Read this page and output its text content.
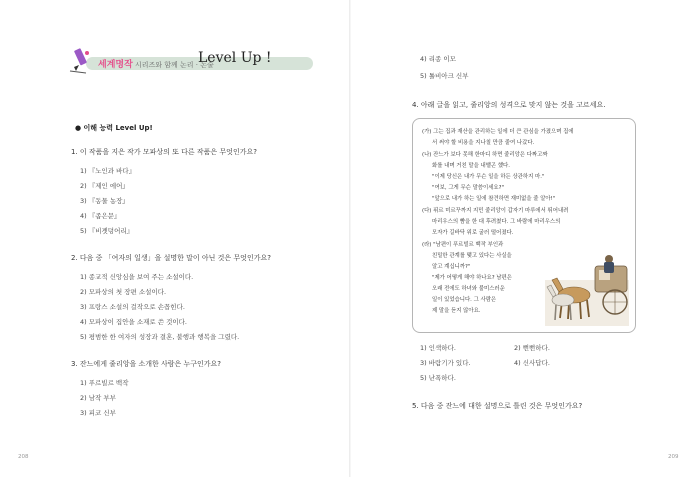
세계명작 시리즈와 함께 논리 · 논술
Level Up !
● 이해 능력 Level Up!
1. 이 작품을 지은 작가 모파상의 또 다른 작품은 무엇인가요?
1) 『노인과 바다』
2) 『제인 에어』
3) 『동물 농장』
4) 『좁은문』
5) 『비곗덩어리』
2. 다음 중 「여자의 일생」을 설명한 말이 아닌 것은 무엇인가요?
1) 종교적 신앙심을 보여 주는 소설이다.
2) 모파상의 첫 장편 소설이다.
3) 프랑스 소설의 걸작으로 손꼽힌다.
4) 모파상이 집안을 소재로 쓴 것이다.
5) 평범한 한 여자의 성장과 결혼, 불행과 행복을 그렸다.
3. 잔느에게 줄리앙을 소개한 사람은 누구인가요?
1) 푸르빌르 백작
2) 남작 부부
3) 피코 신부
208
4) 리종 이모
5) 톨비아크 신부
4. 아래 글을 읽고, 줄리앙의 성격으로 맞지 않는 것을 고르세요.
(가) 그는 집과 재산을 관리하는 일에 더 큰 관심을 가졌으며 집에
서 써야 할 비용을 지나칠 만큼 줄여 나갔다.
(나) 잔느가 보다 못해 한마디 하면 줄리앙은 다짜고짜
화를 내며 거친 말을 내뱉곤 했다.
"이제 당신은 내가 무슨 일을 하든 상관하지 마."
"여보, 그게 무슨 말씀이세요?"
"앞으로 내가 하는 일에 참견하면 재미없을 줄 알아!"
(다) 퓌르 미르꾸까지 지민 줄리앙이 갑자기 마루에서 뛰어내려
마리우스의 뺨을 한 대 후려쳤다. 그 바람에 마리우스의
모자가 길바닥 위로 굴러 떨어졌다.
(라) "남편이 푸르빌르 백작 부인과
친밀한 관계를 맺고 있다는 사실을
알고 계십니까?"
"제가 어떻게 해야 하나요? 남편은
오래 전에도 하녀와 불미스러운
일이 있었습니다. 그 사람은
제 말을 듣지 않아요.
1) 인색하다.	2) 뻔뻔하다.
3) 바람기가 있다.	4) 신사답다.
5) 난폭하다.
5. 다음 중 잔느에 대한 설명으로 틀린 것은 무엇인가요?
209
